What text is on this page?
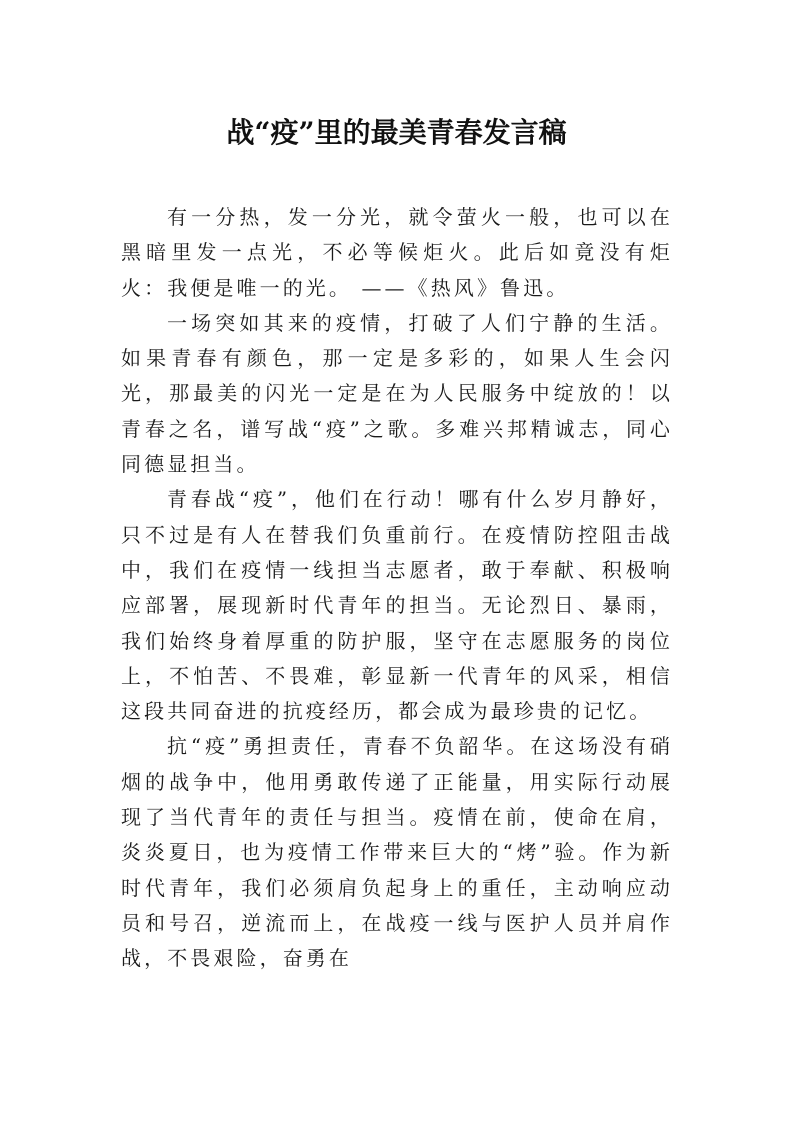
战“疫”里的最美青春发言稿

有一分热，发一分光，就令萤火一般，也可以在黑暗里发一点光，不必等候炬火。此后如竟没有炬火：我便是唯一的光。 ——《热风》鲁迅。

一场突如其来的疫情，打破了人们宁静的生活。如果青春有颜色，那一定是多彩的，如果人生会闪光，那最美的闪光一定是在为人民服务中绽放的！以青春之名，谱写战“疫”之歌。多难兴邦精诚志，同心同德显担当。

青春战“疫”，他们在行动！哪有什么岁月静好，只不过是有人在替我们负重前行。在疫情防控阻击战中，我们在疫情一线担当志愿者，敢于奉献、积极响应部署，展现新时代青年的担当。无论烈日、暴雨，我们始终身着厚重的防护服，坚守在志愿服务的岗位上，不怕苦、不畏难，彰显新一代青年的风采，相信这段共同奋进的抗疫经历，都会成为最珍贵的记忆。

抗“疫”勇担责任，青春不负韶华。在这场没有硝烟的战争中，他用勇敢传递了正能量，用实际行动展现了当代青年的责任与担当。疫情在前，使命在肩，炎炎夏日，也为疫情工作带来巨大的“烤”验。作为新时代青年，我们必须肩负起身上的重任，主动响应动员和号召，逆流而上，在战疫一线与医护人员并肩作战，不畏艰险，奋勇在
